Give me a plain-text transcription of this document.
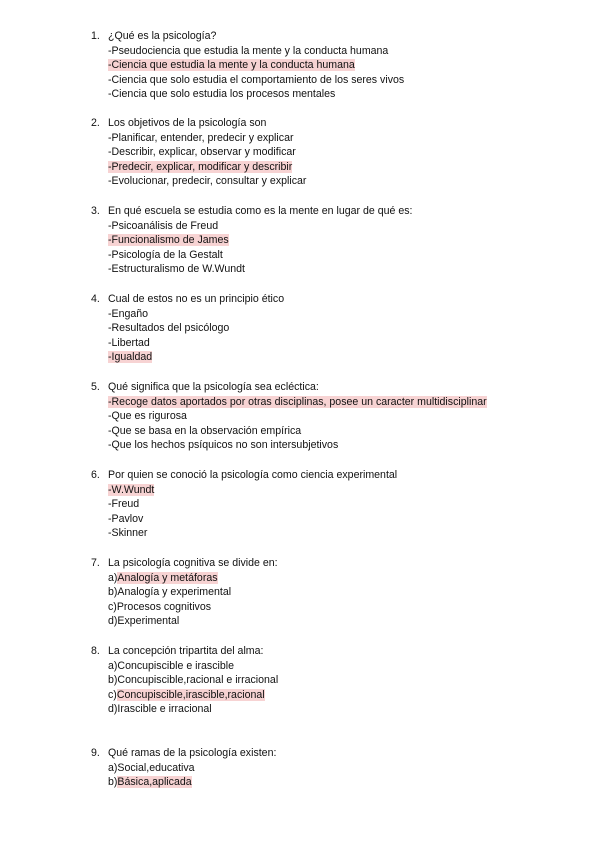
1. ¿Qué es la psicología?
-Pseudociencia que estudia la mente y la conducta humana
-Ciencia que estudia la mente y la conducta humana
-Ciencia que solo estudia el comportamiento de los seres vivos
-Ciencia que solo estudia los procesos mentales
2. Los objetivos de la psicología son
-Planificar, entender, predecir y explicar
-Describir, explicar, observar y modificar
-Predecir, explicar, modificar y describir
-Evolucionar, predecir, consultar y explicar
3. En qué escuela se estudia como es la mente en lugar de qué es:
-Psicoanálisis de Freud
-Funcionalismo de James
-Psicología de la Gestalt
-Estructuralismo de W.Wundt
4. Cual de estos no es un principio ético
-Engaño
-Resultados del psicólogo
-Libertad
-Igualdad
5. Qué significa que la psicología sea ecléctica:
-Recoge datos aportados por otras disciplinas, posee un caracter multidisciplinar
-Que es rigurosa
-Que se basa en la observación empírica
-Que los hechos psíquicos no son intersubjetivos
6. Por quien se conoció la psicología como ciencia experimental
-W.Wundt
-Freud
-Pavlov
-Skinner
7. La psicología cognitiva se divide en:
a)Analogía y metáforas
b)Analogía y experimental
c)Procesos cognitivos
d)Experimental
8. La concepción tripartita del alma:
a)Concupiscible e irascible
b)Concupiscible,racional e irracional
c)Concupiscible,irascible,racional
d)Irascible e irracional
9. Qué ramas de la psicología existen:
a)Social,educativa
b)Básica,aplicada
